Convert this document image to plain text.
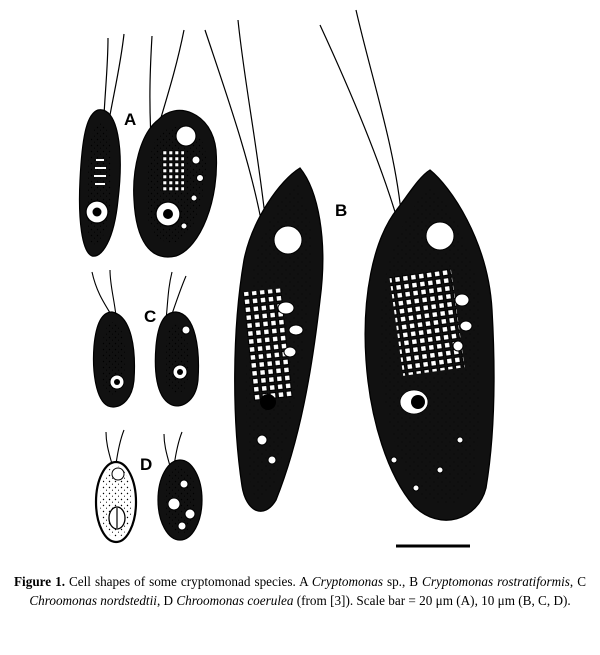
A
B
C
D
Figure 1. Cell shapes of some cryptomonad species. A Cryptomonas sp., B Cryptomonas rostratiformis, C Chroomonas nordstedtii, D Chroomonas coerulea (from [3]). Scale bar = 20 μm (A), 10 μm (B, C, D).
